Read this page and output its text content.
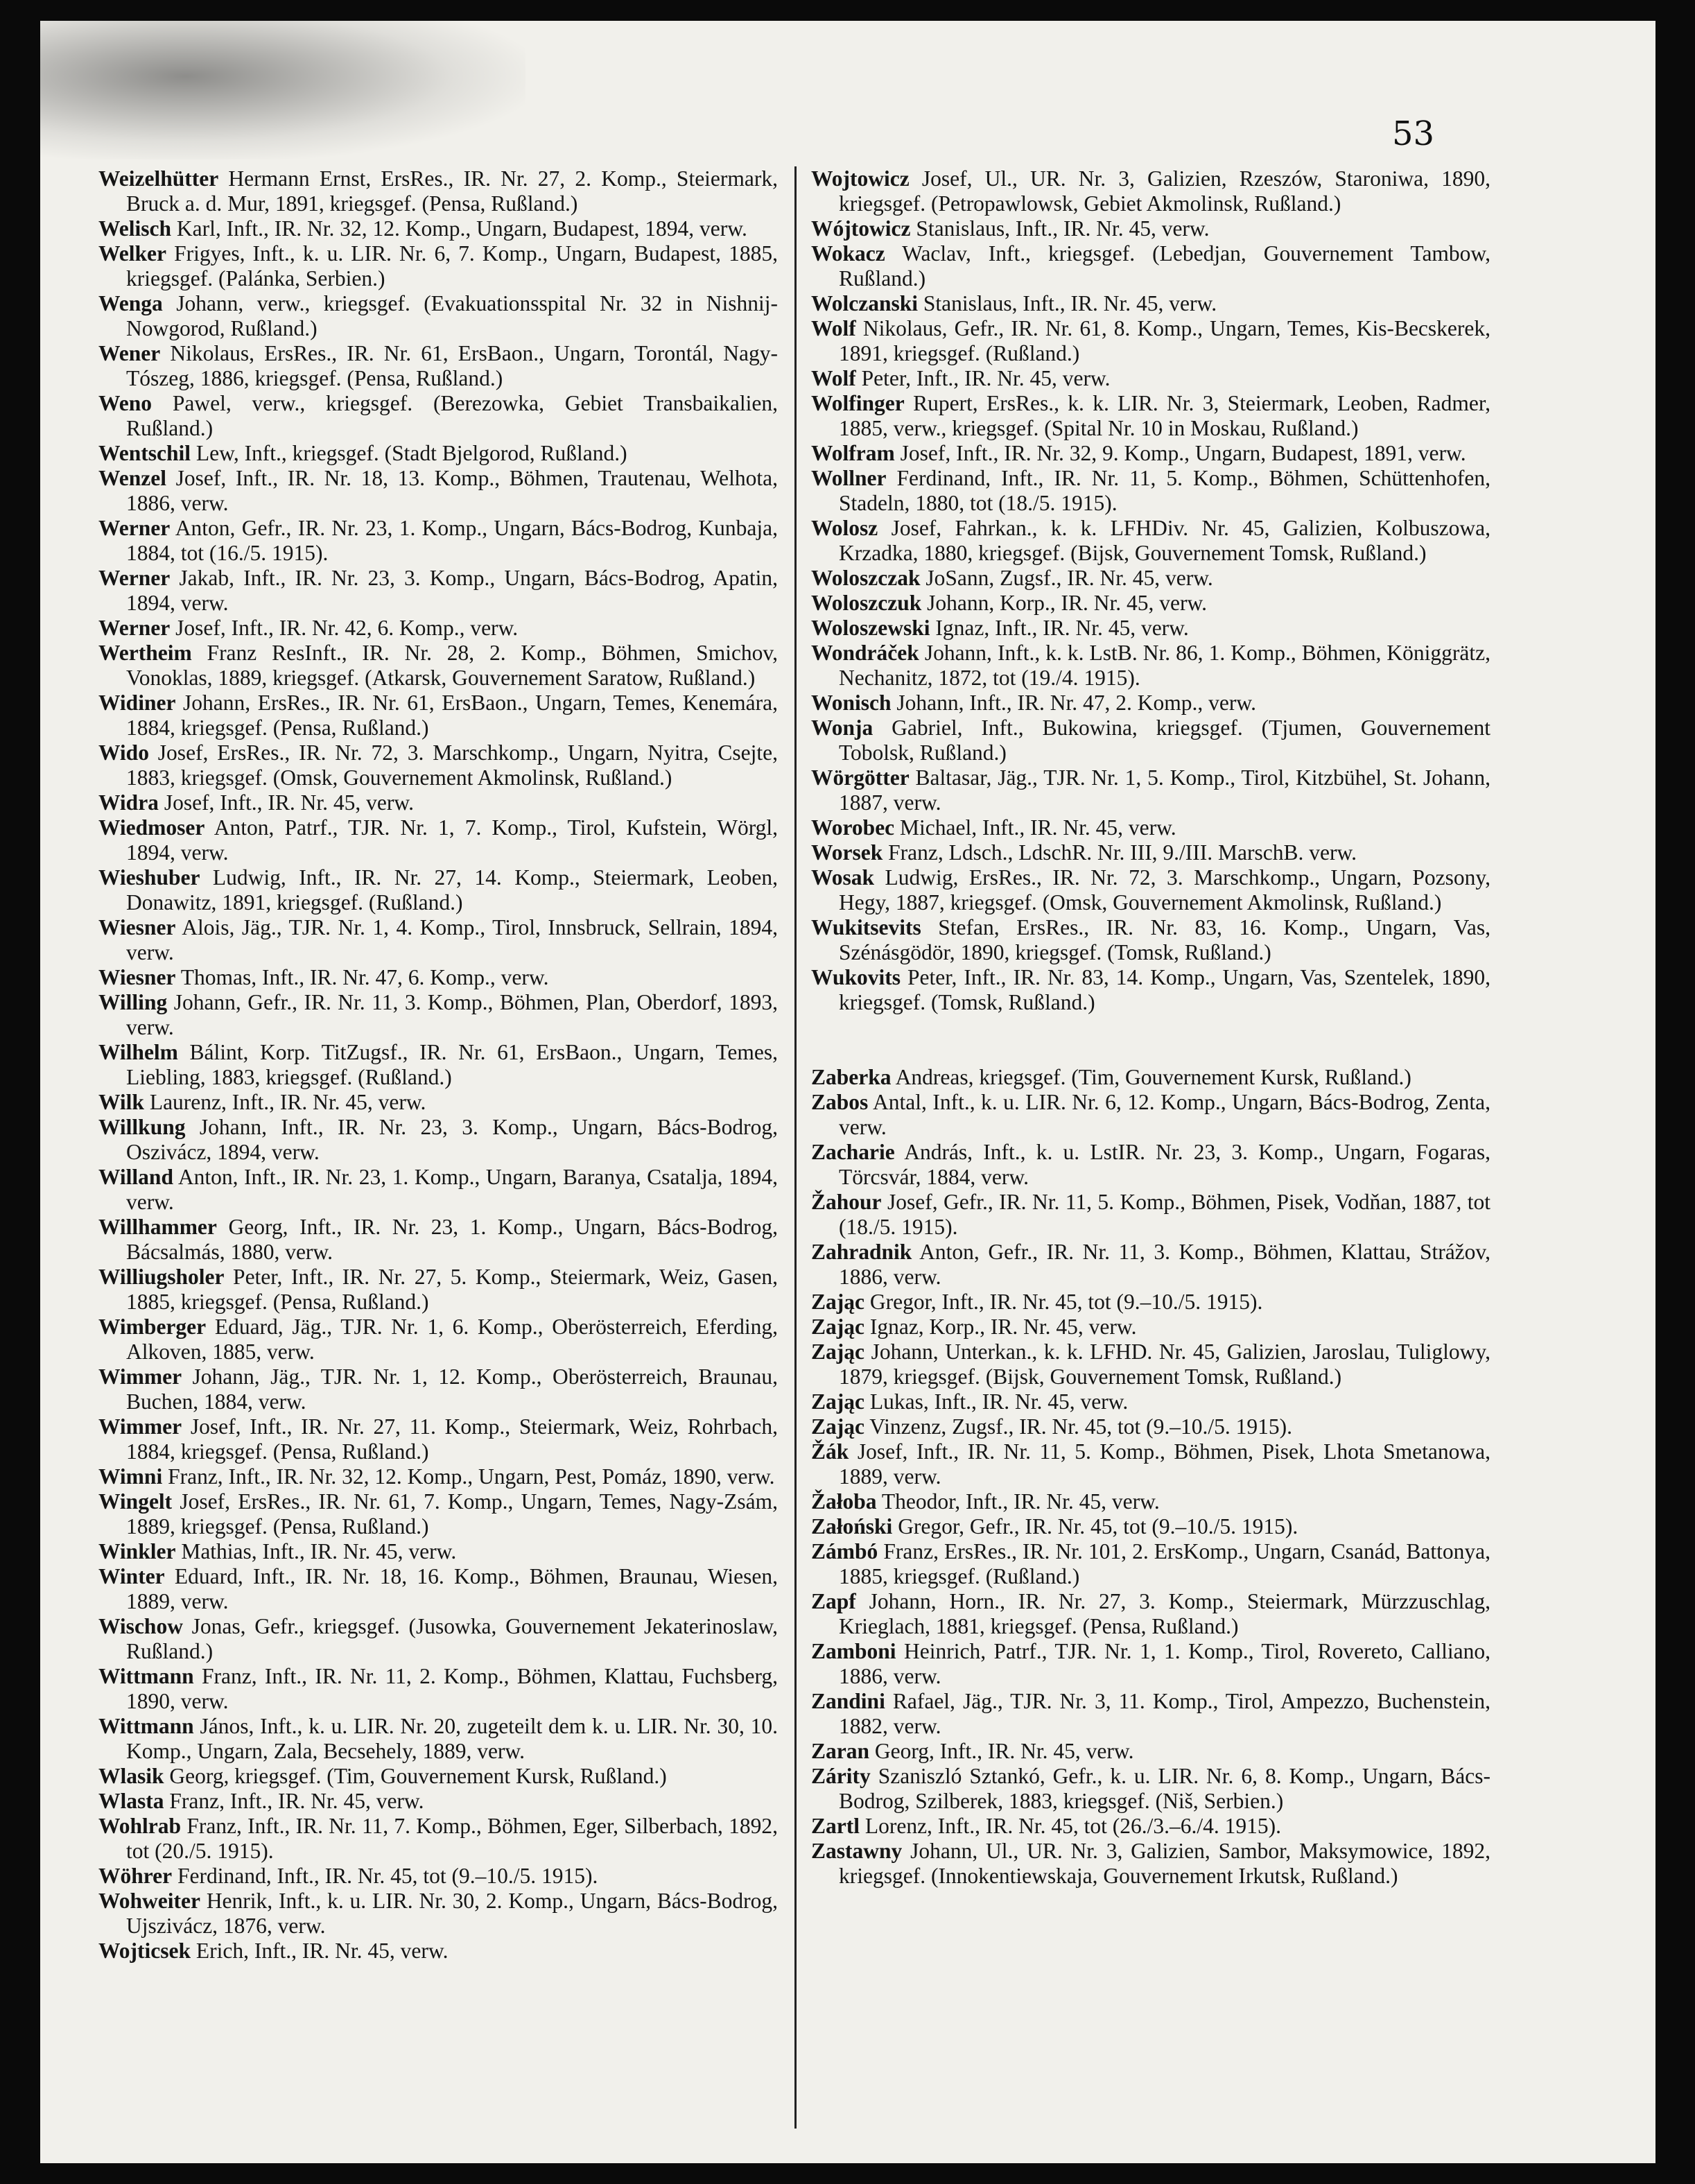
53

Weizelhütter Hermann Ernst, ErsRes., IR. Nr. 27, 2. Komp., Steiermark, Bruck a. d. Mur, 1891, kriegsgef. (Pensa, Rußland.)

Welisch Karl, Inft., IR. Nr. 32, 12. Komp., Ungarn, Budapest, 1894, verw.

Welker Frigyes, Inft., k. u. LIR. Nr. 6, 7. Komp., Ungarn, Budapest, 1885, kriegsgef. (Palánka, Serbien.)

Wenga Johann, verw., kriegsgef. (Evakuationsspital Nr. 32 in Nishnij-Nowgorod, Rußland.)

Wener Nikolaus, ErsRes., IR. Nr. 61, ErsBaon., Ungarn, Torontál, Nagy-Tószeg, 1886, kriegsgef. (Pensa, Rußland.)

Weno Pawel, verw., kriegsgef. (Berezowka, Gebiet Transbaikalien, Rußland.)

Wentschil Lew, Inft., kriegsgef. (Stadt Bjelgorod, Rußland.)

Wenzel Josef, Inft., IR. Nr. 18, 13. Komp., Böhmen, Trautenau, Welhota, 1886, verw.

Werner Anton, Gefr., IR. Nr. 23, 1. Komp., Ungarn, Bács-Bodrog, Kunbaja, 1884, tot (16./5. 1915).

Werner Jakab, Inft., IR. Nr. 23, 3. Komp., Ungarn, Bács-Bodrog, Apatin, 1894, verw.

Werner Josef, Inft., IR. Nr. 42, 6. Komp., verw.

Wertheim Franz ResInft., IR. Nr. 28, 2. Komp., Böhmen, Smichov, Vonoklas, 1889, kriegsgef. (Atkarsk, Gouvernement Saratow, Rußland.)

Widiner Johann, ErsRes., IR. Nr. 61, ErsBaon., Ungarn, Temes, Kenemára, 1884, kriegsgef. (Pensa, Rußland.)

Wido Josef, ErsRes., IR. Nr. 72, 3. Marschkomp., Ungarn, Nyitra, Csejte, 1883, kriegsgef. (Omsk, Gouvernement Akmolinsk, Rußland.)

Widra Josef, Inft., IR. Nr. 45, verw.

Wiedmoser Anton, Patrf., TJR. Nr. 1, 7. Komp., Tirol, Kufstein, Wörgl, 1894, verw.

Wieshuber Ludwig, Inft., IR. Nr. 27, 14. Komp., Steiermark, Leoben, Donawitz, 1891, kriegsgef. (Rußland.)

Wiesner Alois, Jäg., TJR. Nr. 1, 4. Komp., Tirol, Innsbruck, Sellrain, 1894, verw.

Wiesner Thomas, Inft., IR. Nr. 47, 6. Komp., verw.

Willing Johann, Gefr., IR. Nr. 11, 3. Komp., Böhmen, Plan, Oberdorf, 1893, verw.

Wilhelm Bálint, Korp. TitZugsf., IR. Nr. 61, ErsBaon., Ungarn, Temes, Liebling, 1883, kriegsgef. (Rußland.)

Wilk Laurenz, Inft., IR. Nr. 45, verw.

Willkung Johann, Inft., IR. Nr. 23, 3. Komp., Ungarn, Bács-Bodrog, Oszivácz, 1894, verw.

Willand Anton, Inft., IR. Nr. 23, 1. Komp., Ungarn, Baranya, Csatalja, 1894, verw.

Willhammer Georg, Inft., IR. Nr. 23, 1. Komp., Ungarn, Bács-Bodrog, Bácsalmás, 1880, verw.

Williugsholer Peter, Inft., IR. Nr. 27, 5. Komp., Steiermark, Weiz, Gasen, 1885, kriegsgef. (Pensa, Rußland.)

Wimberger Eduard, Jäg., TJR. Nr. 1, 6. Komp., Oberösterreich, Eferding, Alkoven, 1885, verw.

Wimmer Johann, Jäg., TJR. Nr. 1, 12. Komp., Oberösterreich, Braunau, Buchen, 1884, verw.

Wimmer Josef, Inft., IR. Nr. 27, 11. Komp., Steiermark, Weiz, Rohrbach, 1884, kriegsgef. (Pensa, Rußland.)

Wimni Franz, Inft., IR. Nr. 32, 12. Komp., Ungarn, Pest, Pomáz, 1890, verw.

Wingelt Josef, ErsRes., IR. Nr. 61, 7. Komp., Ungarn, Temes, Nagy-Zsám, 1889, kriegsgef. (Pensa, Rußland.)

Winkler Mathias, Inft., IR. Nr. 45, verw.

Winter Eduard, Inft., IR. Nr. 18, 16. Komp., Böhmen, Braunau, Wiesen, 1889, verw.

Wischow Jonas, Gefr., kriegsgef. (Jusowka, Gouvernement Jekaterinoslaw, Rußland.)

Wittmann Franz, Inft., IR. Nr. 11, 2. Komp., Böhmen, Klattau, Fuchsberg, 1890, verw.

Wittmann János, Inft., k. u. LIR. Nr. 20, zugeteilt dem k. u. LIR. Nr. 30, 10. Komp., Ungarn, Zala, Becsehely, 1889, verw.

Wlasik Georg, kriegsgef. (Tim, Gouvernement Kursk, Rußland.)

Wlasta Franz, Inft., IR. Nr. 45, verw.

Wohlrab Franz, Inft., IR. Nr. 11, 7. Komp., Böhmen, Eger, Silberbach, 1892, tot (20./5. 1915).

Wöhrer Ferdinand, Inft., IR. Nr. 45, tot (9.–10./5. 1915).

Wohweiter Henrik, Inft., k. u. LIR. Nr. 30, 2. Komp., Ungarn, Bács-Bodrog, Ujszivácz, 1876, verw.

Wojticsek Erich, Inft., IR. Nr. 45, verw.

Wojtowicz Josef, Ul., UR. Nr. 3, Galizien, Rzeszów, Staroniwa, 1890, kriegsgef. (Petropawlowsk, Gebiet Akmolinsk, Rußland.)

Wójtowicz Stanislaus, Inft., IR. Nr. 45, verw.

Wokacz Waclav, Inft., kriegsgef. (Lebedjan, Gouvernement Tambow, Rußland.)

Wolczanski Stanislaus, Inft., IR. Nr. 45, verw.

Wolf Nikolaus, Gefr., IR. Nr. 61, 8. Komp., Ungarn, Temes, Kis-Becskerek, 1891, kriegsgef. (Rußland.)

Wolf Peter, Inft., IR. Nr. 45, verw.

Wolfinger Rupert, ErsRes., k. k. LIR. Nr. 3, Steiermark, Leoben, Radmer, 1885, verw., kriegsgef. (Spital Nr. 10 in Moskau, Rußland.)

Wolfram Josef, Inft., IR. Nr. 32, 9. Komp., Ungarn, Budapest, 1891, verw.

Wollner Ferdinand, Inft., IR. Nr. 11, 5. Komp., Böhmen, Schüttenhofen, Stadeln, 1880, tot (18./5. 1915).

Wolosz Josef, Fahrkan., k. k. LFHDiv. Nr. 45, Galizien, Kolbuszowa, Krzadka, 1880, kriegsgef. (Bijsk, Gouvernement Tomsk, Rußland.)

Woloszczak JoSann, Zugsf., IR. Nr. 45, verw.

Woloszczuk Johann, Korp., IR. Nr. 45, verw.

Woloszewski Ignaz, Inft., IR. Nr. 45, verw.

Wondráček Johann, Inft., k. k. LstB. Nr. 86, 1. Komp., Böhmen, Königgrätz, Nechanitz, 1872, tot (19./4. 1915).

Wonisch Johann, Inft., IR. Nr. 47, 2. Komp., verw.

Wonja Gabriel, Inft., Bukowina, kriegsgef. (Tjumen, Gouvernement Tobolsk, Rußland.)

Wörgötter Baltasar, Jäg., TJR. Nr. 1, 5. Komp., Tirol, Kitzbühel, St. Johann, 1887, verw.

Worobec Michael, Inft., IR. Nr. 45, verw.

Worsek Franz, Ldsch., LdschR. Nr. III, 9./III. MarschB. verw.

Wosak Ludwig, ErsRes., IR. Nr. 72, 3. Marschkomp., Ungarn, Pozsony, Hegy, 1887, kriegsgef. (Omsk, Gouvernement Akmolinsk, Rußland.)

Wukitsevits Stefan, ErsRes., IR. Nr. 83, 16. Komp., Ungarn, Vas, Szénásgödör, 1890, kriegsgef. (Tomsk, Rußland.)

Wukovits Peter, Inft., IR. Nr. 83, 14. Komp., Ungarn, Vas, Szentelek, 1890, kriegsgef. (Tomsk, Rußland.)

Zaberka Andreas, kriegsgef. (Tim, Gouvernement Kursk, Rußland.)

Zabos Antal, Inft., k. u. LIR. Nr. 6, 12. Komp., Ungarn, Bács-Bodrog, Zenta, verw.

Zacharie András, Inft., k. u. LstIR. Nr. 23, 3. Komp., Ungarn, Fogaras, Törcsvár, 1884, verw.

Žahour Josef, Gefr., IR. Nr. 11, 5. Komp., Böhmen, Pisek, Vodňan, 1887, tot (18./5. 1915).

Zahradnik Anton, Gefr., IR. Nr. 11, 3. Komp., Böhmen, Klattau, Strážov, 1886, verw.

Zając Gregor, Inft., IR. Nr. 45, tot (9.–10./5. 1915).

Zając Ignaz, Korp., IR. Nr. 45, verw.

Zając Johann, Unterkan., k. k. LFHD. Nr. 45, Galizien, Jaroslau, Tuliglowy, 1879, kriegsgef. (Bijsk, Gouvernement Tomsk, Rußland.)

Zając Lukas, Inft., IR. Nr. 45, verw.

Zając Vinzenz, Zugsf., IR. Nr. 45, tot (9.–10./5. 1915).

Žák Josef, Inft., IR. Nr. 11, 5. Komp., Böhmen, Pisek, Lhota Smetanowa, 1889, verw.

Žałoba Theodor, Inft., IR. Nr. 45, verw.

Załoński Gregor, Gefr., IR. Nr. 45, tot (9.–10./5. 1915).

Zámbó Franz, ErsRes., IR. Nr. 101, 2. ErsKomp., Ungarn, Csanád, Battonya, 1885, kriegsgef. (Rußland.)

Zapf Johann, Horn., IR. Nr. 27, 3. Komp., Steiermark, Mürzzuschlag, Krieglach, 1881, kriegsgef. (Pensa, Rußland.)

Zamboni Heinrich, Patrf., TJR. Nr. 1, 1. Komp., Tirol, Rovereto, Calliano, 1886, verw.

Zandini Rafael, Jäg., TJR. Nr. 3, 11. Komp., Tirol, Ampezzo, Buchenstein, 1882, verw.

Zaran Georg, Inft., IR. Nr. 45, verw.

Zárity Szaniszló Sztankó, Gefr., k. u. LIR. Nr. 6, 8. Komp., Ungarn, Bács-Bodrog, Szilberek, 1883, kriegsgef. (Niš, Serbien.)

Zartl Lorenz, Inft., IR. Nr. 45, tot (26./3.–6./4. 1915).

Zastawny Johann, Ul., UR. Nr. 3, Galizien, Sambor, Maksymowice, 1892, kriegsgef. (Innokentiewskaja, Gouvernement Irkutsk, Rußland.)
